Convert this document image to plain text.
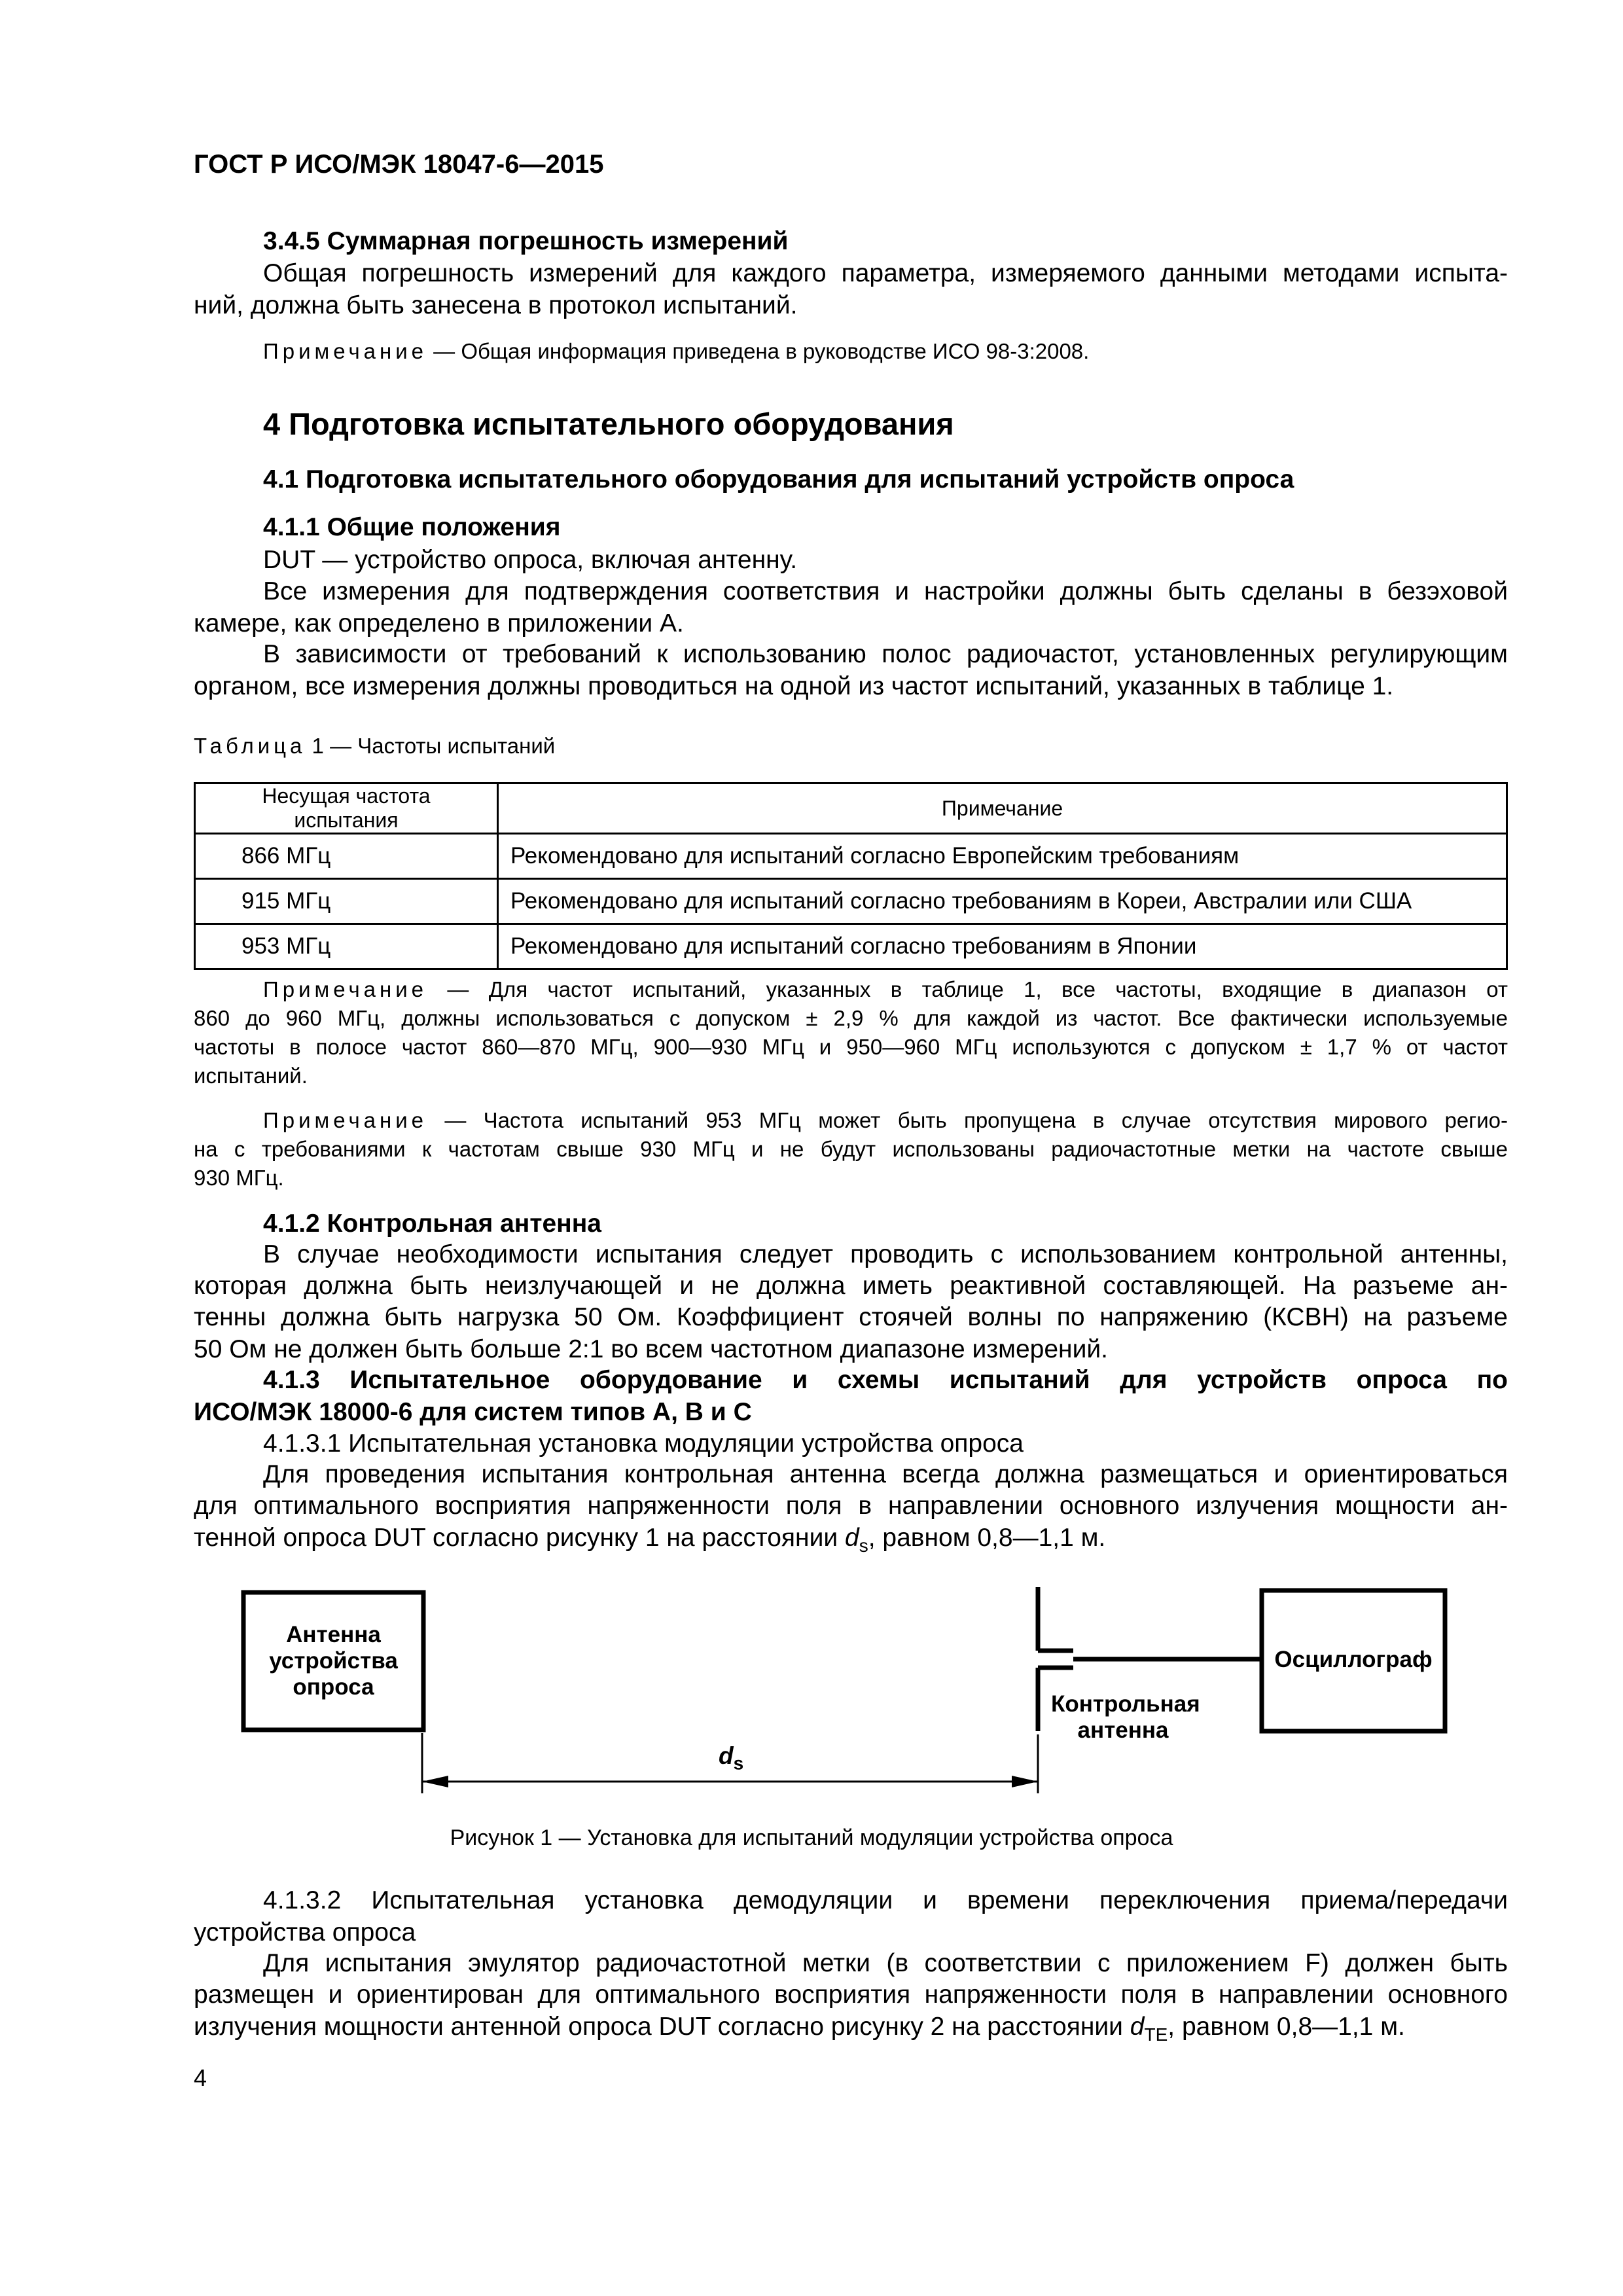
ГОСТ Р ИСО/МЭК 18047-6—2015
3.4.5 Суммарная погрешность измерений
Общая погрешность измерений для каждого параметра, измеряемого данными методами испыта-
ний, должна быть занесена в протокол испытаний.
Примечание — Общая информация приведена в руководстве ИСО 98-3:2008.
4 Подготовка испытательного оборудования
4.1 Подготовка испытательного оборудования для испытаний устройств опроса
4.1.1 Общие положения
DUT — устройство опроса, включая антенну.
Все измерения для подтверждения соответствия и настройки должны быть сделаны в безэховой
камере, как определено в приложении А.
В зависимости от требований к использованию полос радиочастот, установленных регулирующим
органом, все измерения должны проводиться на одной из частот испытаний, указанных в таблице 1.
Таблица 1 — Частоты испытаний
Несущая частота испытания	Примечание
866 МГц	Рекомендовано для испытаний согласно Европейским требованиям
915 МГц	Рекомендовано для испытаний согласно требованиям в Кореи, Австралии или США
953 МГц	Рекомендовано для испытаний согласно требованиям в Японии
Примечание — Для частот испытаний, указанных в таблице 1, все частоты, входящие в диапазон от
860 до 960 МГц, должны использоваться с допуском ± 2,9 % для каждой из частот. Все фактически используемые
частоты в полосе частот 860—870 МГц, 900—930 МГц и 950—960 МГц используются с допуском ± 1,7 % от частот
испытаний.
Примечание — Частота испытаний 953 МГц может быть пропущена в случае отсутствия мирового регио-
на с требованиями к частотам свыше 930 МГц и не будут использованы радиочастотные метки на частоте свыше
930 МГц.
4.1.2 Контрольная антенна
В случае необходимости испытания следует проводить с использованием контрольной антенны,
которая должна быть неизлучающей и не должна иметь реактивной составляющей. На разъеме ан-
тенны должна быть нагрузка 50 Ом. Коэффициент стоячей волны по напряжению (КСВН) на разъеме
50 Ом не должен быть больше 2:1 во всем частотном диапазоне измерений.
4.1.3 Испытательное оборудование и схемы испытаний для устройств опроса по
ИСО/МЭК 18000-6 для систем типов А, В и С
4.1.3.1 Испытательная установка модуляции устройства опроса
Для проведения испытания контрольная антенна всегда должна размещаться и ориентироваться
для оптимального восприятия напряженности поля в направлении основного излучения мощности ан-
тенной опроса DUT согласно рисунку 1 на расстоянии $d_s$, равном 0,8—1,1 м.
Антенна
устройства
опроса
Осциллограф
Контрольная
антенна
$d_s$
Рисунок 1 — Установка для испытаний модуляции устройства опроса
4.1.3.2 Испытательная установка демодуляции и времени переключения приема/передачи
устройства опроса
Для испытания эмулятор радиочастотной метки (в соответствии с приложением F) должен быть
размещен и ориентирован для оптимального восприятия напряженности поля в направлении основного
излучения мощности антенной опроса DUT согласно рисунку 2 на расстоянии $d_{TE}$, равном 0,8—1,1 м.
4
